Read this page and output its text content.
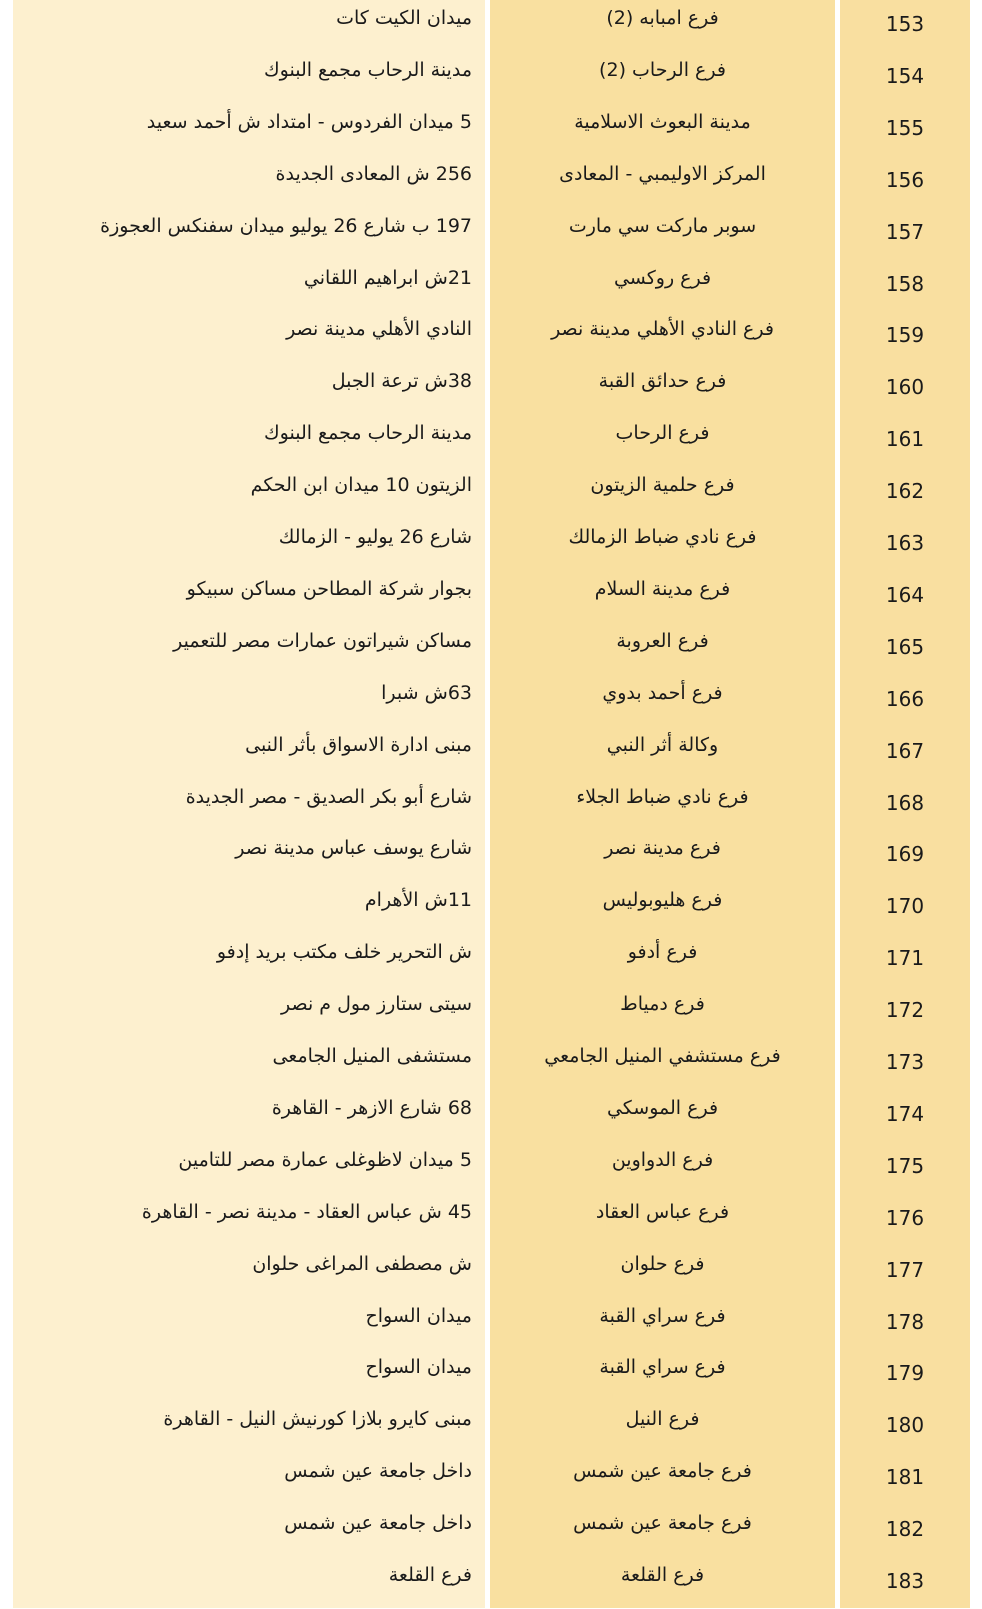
ميدان الكيت كات	فرع امبابه (2)	153
مدينة الرحاب مجمع البنوك	فرع الرحاب (2)	154
5 ميدان الفردوس - امتداد ش أحمد سعيد	مدينة البعوث الاسلامية	155
256 ش المعادى الجديدة	المركز الاوليمبي - المعادى	156
197 ب شارع 26 يوليو ميدان سفنكس العجوزة	سوبر ماركت سي مارت	157
21ش ابراهيم اللقاني	فرع روكسي	158
النادي الأهلي مدينة نصر	فرع النادي الأهلي مدينة نصر	159
38ش ترعة الجبل	فرع حدائق القبة	160
مدينة الرحاب مجمع البنوك	فرع الرحاب	161
الزيتون 10 ميدان ابن الحكم	فرع حلمية الزيتون	162
شارع 26 يوليو - الزمالك	فرع نادي ضباط الزمالك	163
بجوار شركة المطاحن مساكن سبيكو	فرع مدينة السلام	164
مساكن شيراتون عمارات مصر للتعمير	فرع العروبة	165
63ش شبرا	فرع أحمد بدوي	166
مبنى ادارة الاسواق بأثر النبى	وكالة أثر النبي	167
شارع أبو بكر الصديق - مصر الجديدة	فرع نادي ضباط الجلاء	168
شارع يوسف عباس مدينة نصر	فرع مدينة نصر	169
11ش الأهرام	فرع هليوبوليس	170
ش التحرير خلف مكتب بريد إدفو	فرع أدفو	171
سيتى ستارز مول م نصر	فرع دمياط	172
مستشفى المنيل الجامعى	فرع مستشفي المنيل الجامعي	173
68 شارع الازهر - القاهرة	فرع الموسكي	174
5 ميدان لاظوغلى عمارة مصر للتامين	فرع الدواوين	175
45 ش عباس العقاد - مدينة نصر - القاهرة	فرع عباس العقاد	176
ش مصطفى المراغى حلوان	فرع حلوان	177
ميدان السواح	فرع سراي القبة	178
ميدان السواح	فرع سراي القبة	179
مبنى كايرو بلازا كورنيش النيل - القاهرة	فرع النيل	180
داخل جامعة عين شمس	فرع جامعة عين شمس	181
داخل جامعة عين شمس	فرع جامعة عين شمس	182
فرع القلعة	فرع القلعة	183
